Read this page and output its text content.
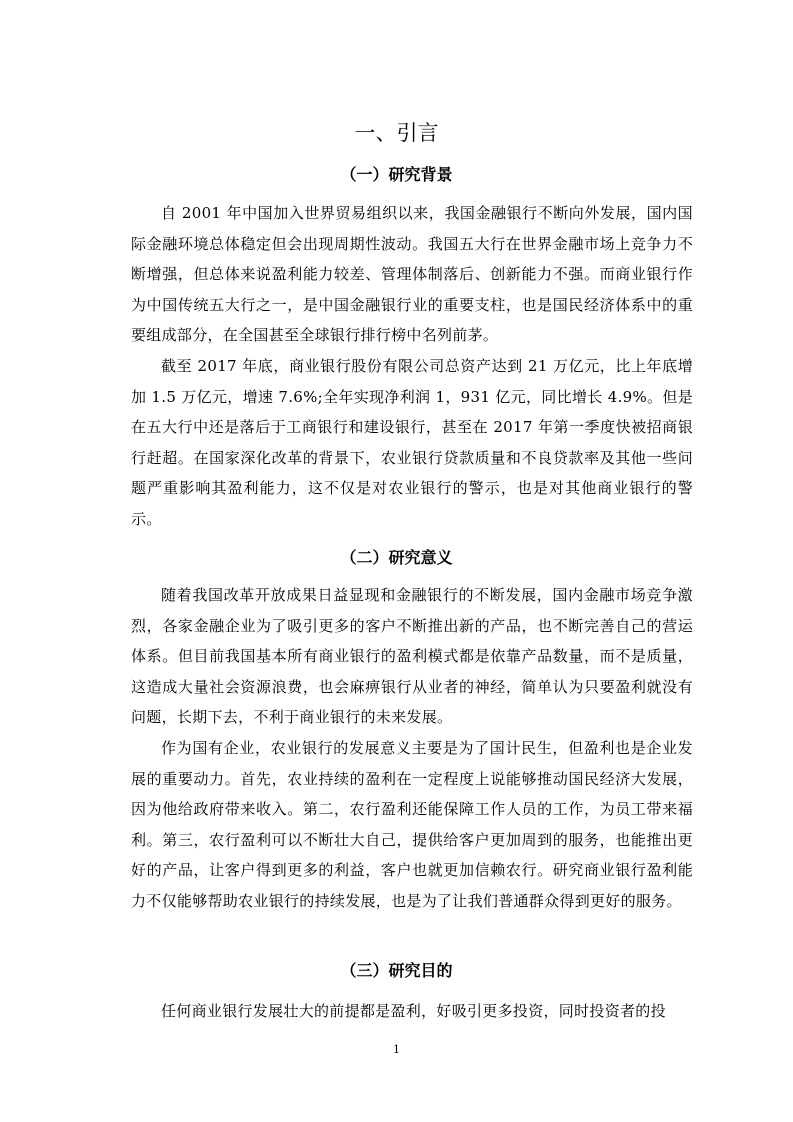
一、引言
（一）研究背景

自 2001 年中国加入世界贸易组织以来，我国金融银行不断向外发展，国内国际金融环境总体稳定但会出现周期性波动。我国五大行在世界金融市场上竞争力不断增强，但总体来说盈利能力较差、管理体制落后、创新能力不强。而商业银行作为中国传统五大行之一，是中国金融银行业的重要支柱，也是国民经济体系中的重要组成部分，在全国甚至全球银行排行榜中名列前茅。

截至 2017 年底，商业银行股份有限公司总资产达到 21 万亿元，比上年底增加 1.5 万亿元，增速 7.6%;全年实现净利润 1，931 亿元，同比增长 4.9%。但是在五大行中还是落后于工商银行和建设银行，甚至在 2017 年第一季度快被招商银行赶超。在国家深化改革的背景下，农业银行贷款质量和不良贷款率及其他一些问题严重影响其盈利能力，这不仅是对农业银行的警示，也是对其他商业银行的警示。

（二）研究意义

随着我国改革开放成果日益显现和金融银行的不断发展，国内金融市场竞争激烈，各家金融企业为了吸引更多的客户不断推出新的产品，也不断完善自己的营运体系。但目前我国基本所有商业银行的盈利模式都是依靠产品数量，而不是质量，这造成大量社会资源浪费，也会麻痹银行从业者的神经，简单认为只要盈利就没有问题，长期下去，不利于商业银行的未来发展。

作为国有企业，农业银行的发展意义主要是为了国计民生，但盈利也是企业发展的重要动力。首先，农业持续的盈利在一定程度上说能够推动国民经济大发展，因为他给政府带来收入。第二，农行盈利还能保障工作人员的工作，为员工带来福利。第三，农行盈利可以不断壮大自己，提供给客户更加周到的服务，也能推出更好的产品，让客户得到更多的利益，客户也就更加信赖农行。研究商业银行盈利能力不仅能够帮助农业银行的持续发展，也是为了让我们普通群众得到更好的服务。

（三）研究目的

任何商业银行发展壮大的前提都是盈利，好吸引更多投资，同时投资者的投

1
